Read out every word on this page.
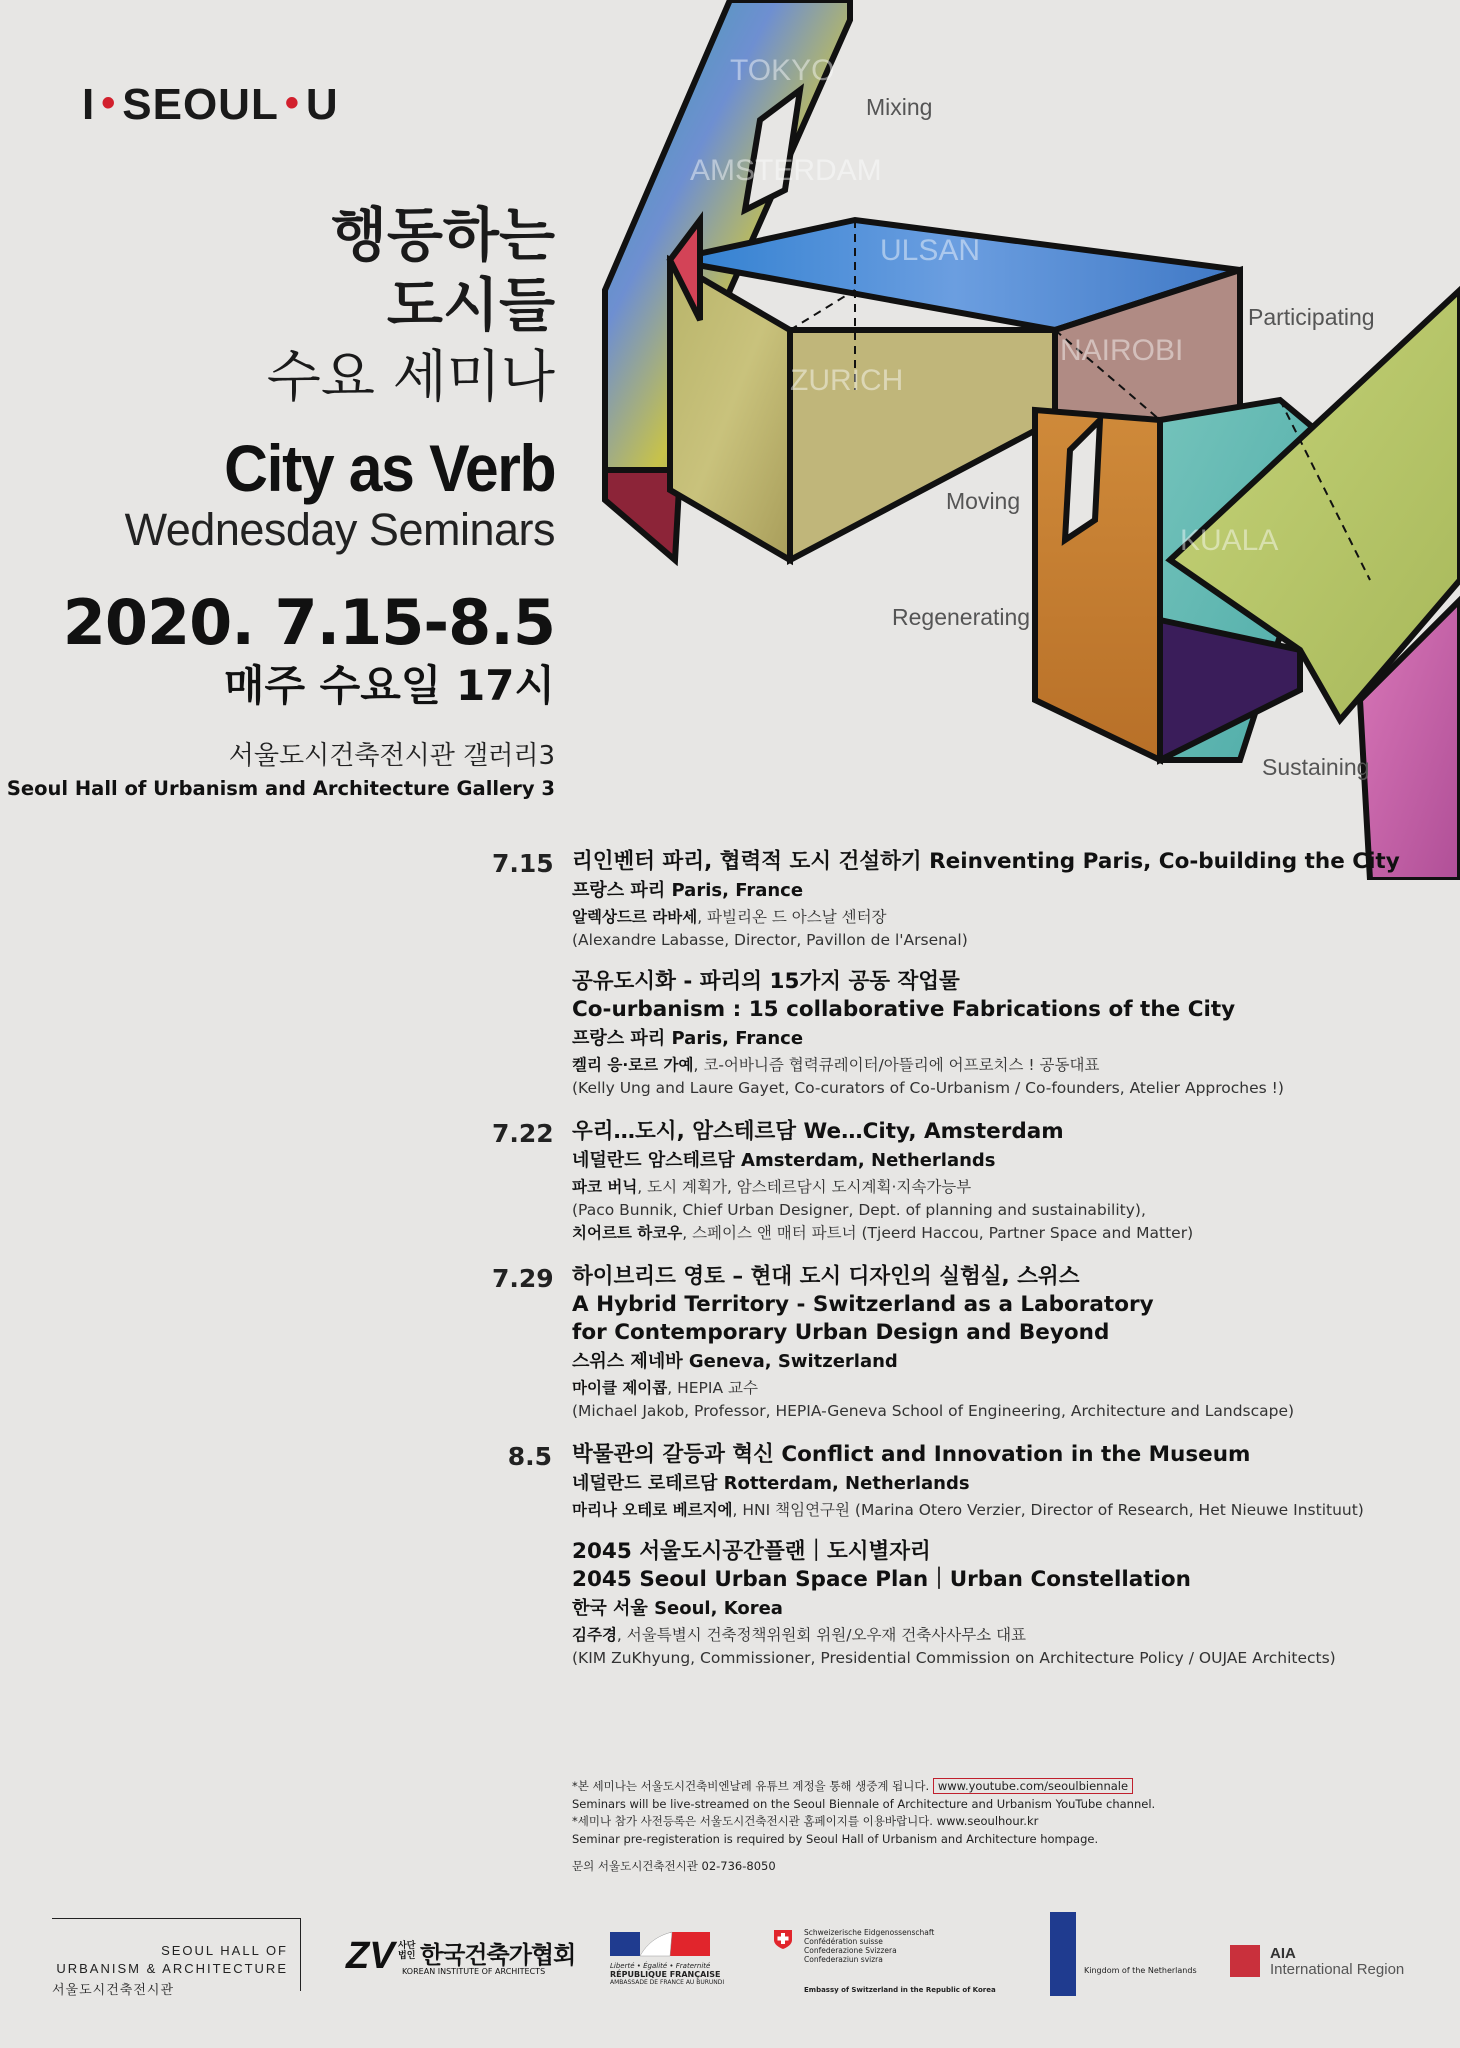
I • SEOUL • U
행동하는
도시들
수요 세미나
City as Verb
Wednesday Seminars
2020. 7.15-8.5
매주 수요일 17시
서울도시건축전시관 갤러리3
Seoul Hall of Urbanism and Architecture Gallery 3
TOKYO
AMSTERDAM
ULSAN
ZURICH
NAIROBI
KUALA
Mixing
Participating
Moving
Regenerating
Sustaining
7.15 리인벤터 파리, 협력적 도시 건설하기 Reinventing Paris, Co-building the City
프랑스 파리 Paris, France
알렉상드르 라바세, 파빌리온 드 아스날 센터장
(Alexandre Labasse, Director, Pavillon de l'Arsenal)
공유도시화 - 파리의 15가지 공동 작업물
Co-urbanism : 15 collaborative Fabrications of the City
프랑스 파리 Paris, France
켈리 응·로르 가예, 코-어바니즘 협력큐레이터/아뜰리에 어프로치스 ! 공동대표
(Kelly Ung and Laure Gayet, Co-curators of Co-Urbanism / Co-founders, Atelier Approches !)
7.22 우리…도시, 암스테르담 We…City, Amsterdam
네덜란드 암스테르담 Amsterdam, Netherlands
파코 버닉, 도시 계획가, 암스테르담시 도시계획·지속가능부
(Paco Bunnik, Chief Urban Designer, Dept. of planning and sustainability),
치어르트 하코우, 스페이스 앤 매터 파트너 (Tjeerd Haccou, Partner Space and Matter)
7.29 하이브리드 영토 – 현대 도시 디자인의 실험실, 스위스
A Hybrid Territory - Switzerland as a Laboratory
for Contemporary Urban Design and Beyond
스위스 제네바 Geneva, Switzerland
마이클 제이콥, HEPIA 교수
(Michael Jakob, Professor, HEPIA-Geneva School of Engineering, Architecture and Landscape)
8.5 박물관의 갈등과 혁신 Conflict and Innovation in the Museum
네덜란드 로테르담 Rotterdam, Netherlands
마리나 오테로 베르지에, HNI 책임연구원 (Marina Otero Verzier, Director of Research, Het Nieuwe Instituut)
2045 서울도시공간플랜｜도시별자리
2045 Seoul Urban Space Plan｜Urban Constellation
한국 서울 Seoul, Korea
김주경, 서울특별시 건축정책위원회 위원/오우재 건축사사무소 대표
(KIM ZuKhyung, Commissioner, Presidential Commission on Architecture Policy / OUJAE Architects)
*본 세미나는 서울도시건축비엔날레 유튜브 계정을 통해 생중계 됩니다. www.youtube.com/seoulbiennale
Seminars will be live-streamed on the Seoul Biennale of Architecture and Urbanism YouTube channel.
*세미나 참가 사전등록은 서울도시건축전시관 홈페이지를 이용바랍니다. www.seoulhour.kr
Seminar pre-registeration is required by Seoul Hall of Urbanism and Architecture hompage.
문의 서울도시건축전시관 02-736-8050
SEOUL HALL OF
URBANISM & ARCHITECTURE
서울도시건축전시관
ZV 사단
법인 한국건축가협회
KOREAN INSTITUTE OF ARCHITECTS
Liberté • Égalité • Fraternité
RÉPUBLIQUE FRANÇAISE
AMBASSADE DE FRANCE AU BURUNDI
Schweizerische Eidgenossenschaft
Confédération suisse
Confederazione Svizzera
Confederaziun svizra
Embassy of Switzerland in the Republic of Korea
Kingdom of the Netherlands
AIA
International Region
